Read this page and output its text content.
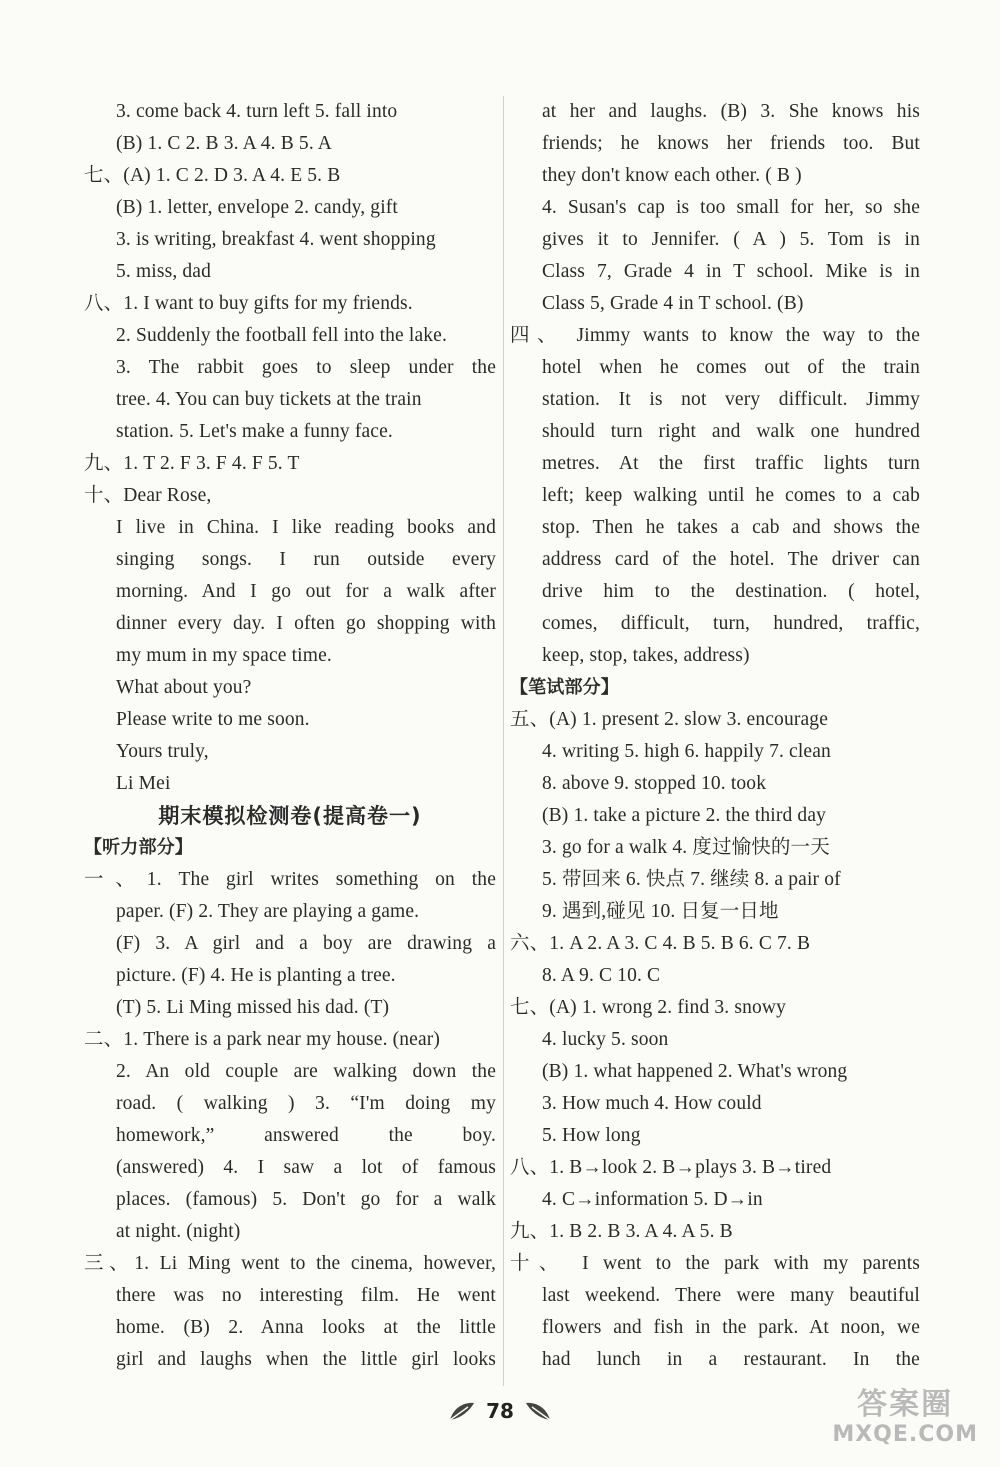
3. come back 4. turn left 5. fall into
(B) 1. C 2. B 3. A 4. B 5. A
七、(A) 1. C 2. D 3. A 4. E 5. B
(B) 1. letter, envelope 2. candy, gift
3. is writing, breakfast 4. went shopping
5. miss, dad
八、1. I want to buy gifts for my friends.
2. Suddenly the football fell into the lake.
3. The rabbit goes to sleep under the
tree. 4. You can buy tickets at the train
station. 5. Let's make a funny face.
九、1. T 2. F 3. F 4. F 5. T
十、Dear Rose,
I live in China. I like reading books and
singing songs. I run outside every
morning. And I go out for a walk after
dinner every day. I often go shopping with
my mum in my space time.
What about you?
Please write to me soon.
Yours truly,
Li Mei
期末模拟检测卷(提高卷一)
【听力部分】
一、1. The girl writes something on the
paper. (F) 2. They are playing a game.
(F) 3. A girl and a boy are drawing a
picture. (F) 4. He is planting a tree.
(T) 5. Li Ming missed his dad. (T)
二、1. There is a park near my house. (near)
2. An old couple are walking down the
road. ( walking ) 3. “I'm doing my
homework,” answered the boy.
(answered) 4. I saw a lot of famous
places. (famous) 5. Don't go for a walk
at night. (night)
三、1. Li Ming went to the cinema, however,
there was no interesting film. He went
home. (B) 2. Anna looks at the little
girl and laughs when the little girl looks
at her and laughs. (B) 3. She knows his
friends; he knows her friends too. But
they don't know each other. ( B )
4. Susan's cap is too small for her, so she
gives it to Jennifer. ( A ) 5. Tom is in
Class 7, Grade 4 in T school. Mike is in
Class 5, Grade 4 in T school. (B)
四、 Jimmy wants to know the way to the
hotel when he comes out of the train
station. It is not very difficult. Jimmy
should turn right and walk one hundred
metres. At the first traffic lights turn
left; keep walking until he comes to a cab
stop. Then he takes a cab and shows the
address card of the hotel. The driver can
drive him to the destination. ( hotel,
comes, difficult, turn, hundred, traffic,
keep, stop, takes, address)
【笔试部分】
五、(A) 1. present 2. slow 3. encourage
4. writing 5. high 6. happily 7. clean
8. above 9. stopped 10. took
(B) 1. take a picture 2. the third day
3. go for a walk 4. 度过愉快的一天
5. 带回来 6. 快点 7. 继续 8. a pair of
9. 遇到,碰见 10. 日复一日地
六、1. A 2. A 3. C 4. B 5. B 6. C 7. B
8. A 9. C 10. C
七、(A) 1. wrong 2. find 3. snowy
4. lucky 5. soon
(B) 1. what happened 2. What's wrong
3. How much 4. How could
5. How long
八、1. B→look 2. B→plays 3. B→tired
4. C→information 5. D→in
九、1. B 2. B 3. A 4. A 5. B
十、 I went to the park with my parents
last weekend. There were many beautiful
flowers and fish in the park. At noon, we
had lunch in a restaurant. In the
78	答案圈
MXQE.COM
